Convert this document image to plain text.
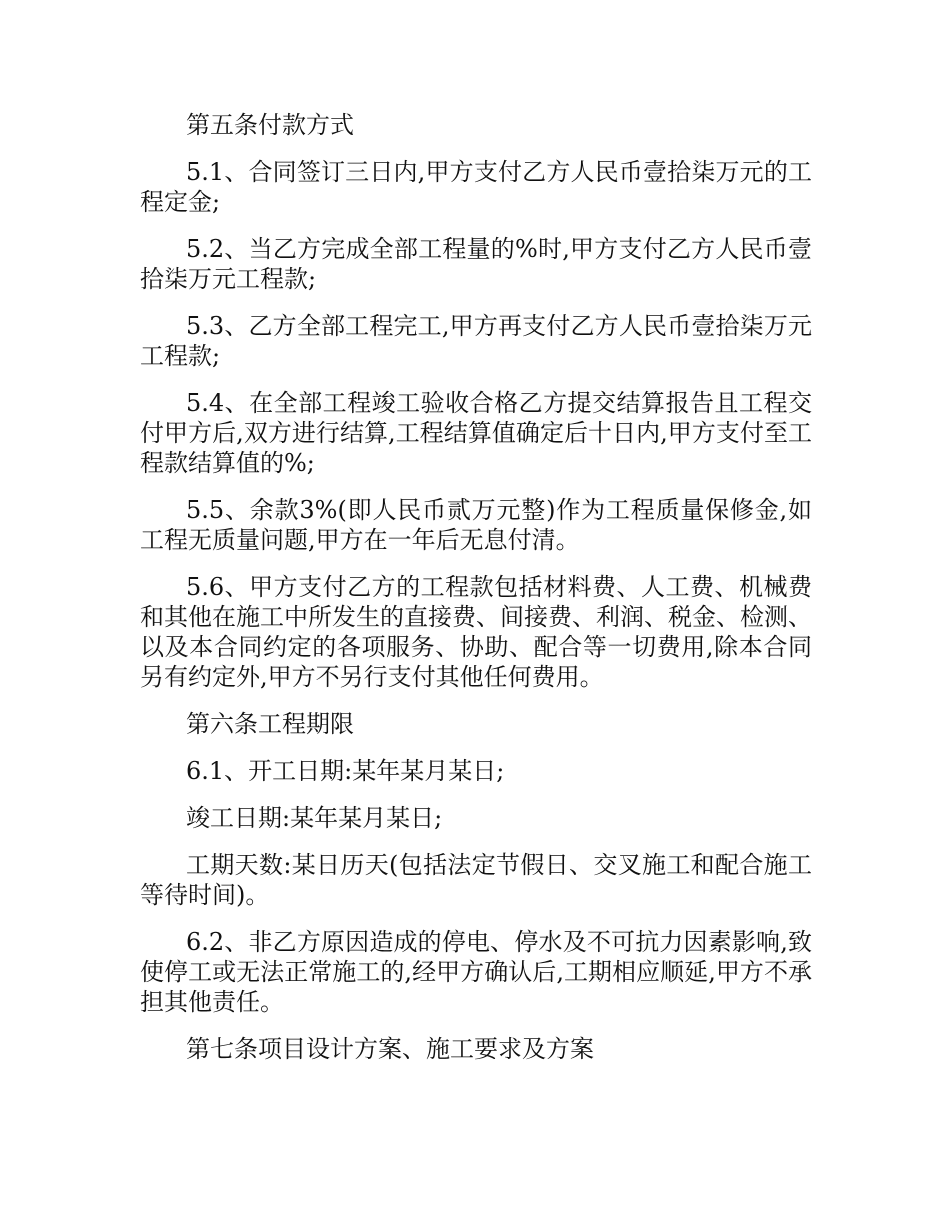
第五条付款方式

5.1、合同签订三日内,甲方支付乙方人民币壹拾柒万元的工程定金;

5.2、当乙方完成全部工程量的%时,甲方支付乙方人民币壹拾柒万元工程款;

5.3、乙方全部工程完工,甲方再支付乙方人民币壹拾柒万元工程款;

5.4、在全部工程竣工验收合格乙方提交结算报告且工程交付甲方后,双方进行结算,工程结算值确定后十日内,甲方支付至工程款结算值的%;

5.5、余款3%(即人民币贰万元整)作为工程质量保修金,如工程无质量问题,甲方在一年后无息付清。

5.6、甲方支付乙方的工程款包括材料费、人工费、机械费和其他在施工中所发生的直接费、间接费、利润、税金、检测、以及本合同约定的各项服务、协助、配合等一切费用,除本合同另有约定外,甲方不另行支付其他任何费用。

第六条工程期限

6.1、开工日期:某年某月某日;

竣工日期:某年某月某日;

工期天数:某日历天(包括法定节假日、交叉施工和配合施工等待时间)。

6.2、非乙方原因造成的停电、停水及不可抗力因素影响,致使停工或无法正常施工的,经甲方确认后,工期相应顺延,甲方不承担其他责任。

第七条项目设计方案、施工要求及方案
